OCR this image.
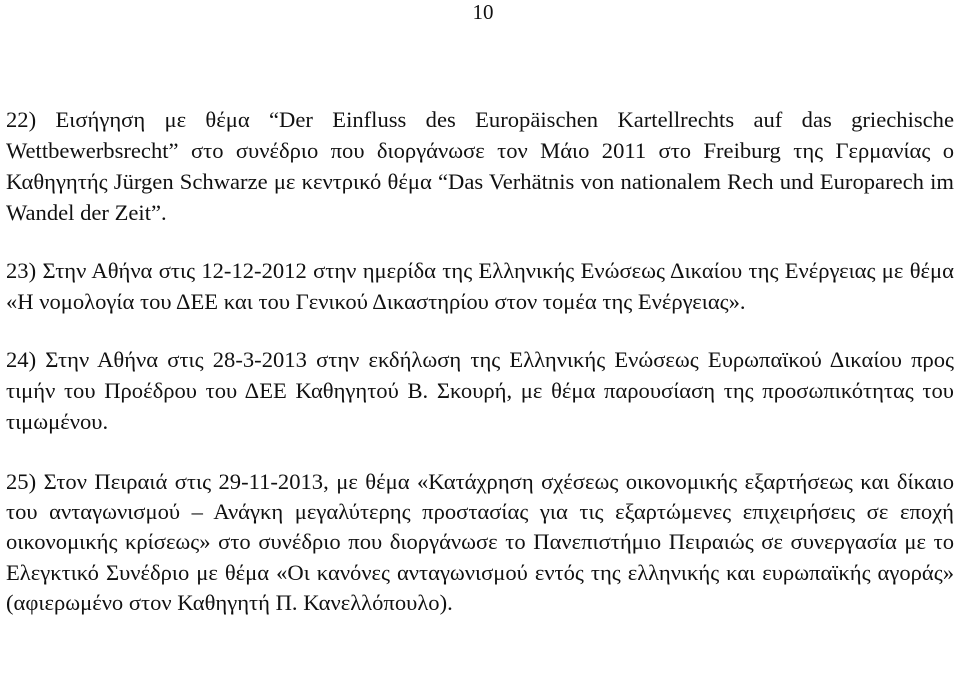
10

22) Εισήγηση με θέμα “Der Einfluss des Europäischen Kartellrechts auf das griechische Wettbewerbsrecht” στο συνέδριο που διοργάνωσε τον Μάιο 2011 στο Freiburg της Γερμανίας ο Καθηγητής Jürgen Schwarze με κεντρικό θέμα “Das Verhätnis von nationalem Rech und Europarech im Wandel der Zeit”.

23) Στην Αθήνα στις 12-12-2012 στην ημερίδα της Ελληνικής Ενώσεως Δικαίου της Ενέργειας με θέμα «Η νομολογία του ΔΕΕ και του Γενικού Δικαστηρίου στον τομέα της Ενέργειας».

24) Στην Αθήνα στις 28-3-2013 στην εκδήλωση της Ελληνικής Ενώσεως Ευρωπαϊκού Δικαίου προς τιμήν του Προέδρου του ΔΕΕ Καθηγητού Β. Σκουρή, με θέμα παρουσίαση της προσωπικότητας του τιμωμένου.

25) Στον Πειραιά στις 29-11-2013, με θέμα «Κατάχρηση σχέσεως οικονομικής εξαρτήσεως και δίκαιο του ανταγωνισμού – Ανάγκη μεγαλύτερης προστασίας για τις εξαρτώμενες επιχειρήσεις σε εποχή οικονομικής κρίσεως» στο συνέδριο που διοργάνωσε το Πανεπιστήμιο Πειραιώς σε συνεργασία με το Ελεγκτικό Συνέδριο με θέμα «Οι κανόνες ανταγωνισμού εντός της ελληνικής και ευρωπαϊκής αγοράς» (αφιερωμένο στον Καθηγητή Π. Κανελλόπουλο).
